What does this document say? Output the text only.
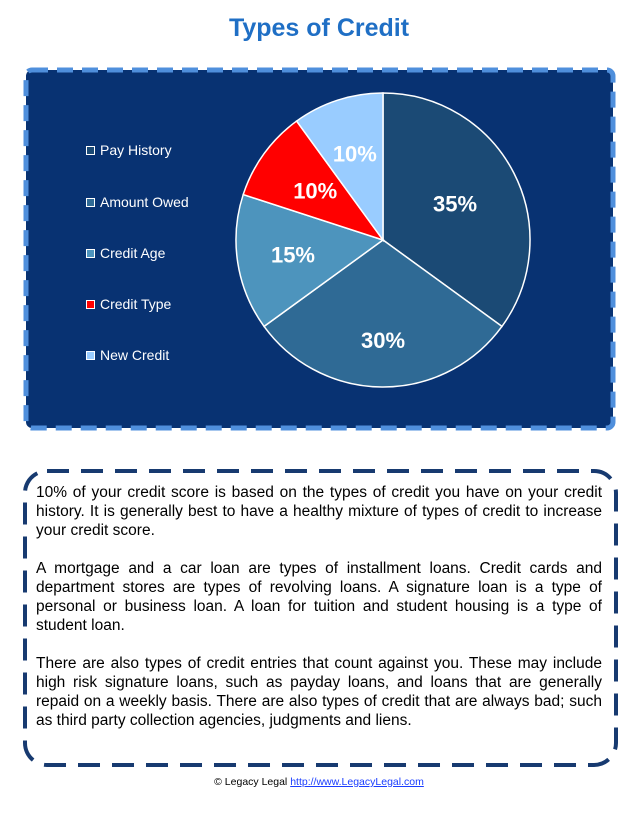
Types of Credit
35%
30%
15%
10%
10%
Pay History
Amount Owed
Credit Age
Credit Type
New Credit

10% of your credit score is based on the types of credit you have on your credit history. It is generally best to have a healthy mixture of types of credit to increase your credit score.

A mortgage and a car loan are types of installment loans. Credit cards and department stores are types of revolving loans. A signature loan is a type of personal or business loan. A loan for tuition and student housing is a type of student loan.

There are also types of credit entries that count against you. These may include high risk signature loans, such as payday loans, and loans that are generally repaid on a weekly basis. There are also types of credit that are always bad; such as third party collection agencies, judgments and liens.

© Legacy Legal http://www.LegacyLegal.com
